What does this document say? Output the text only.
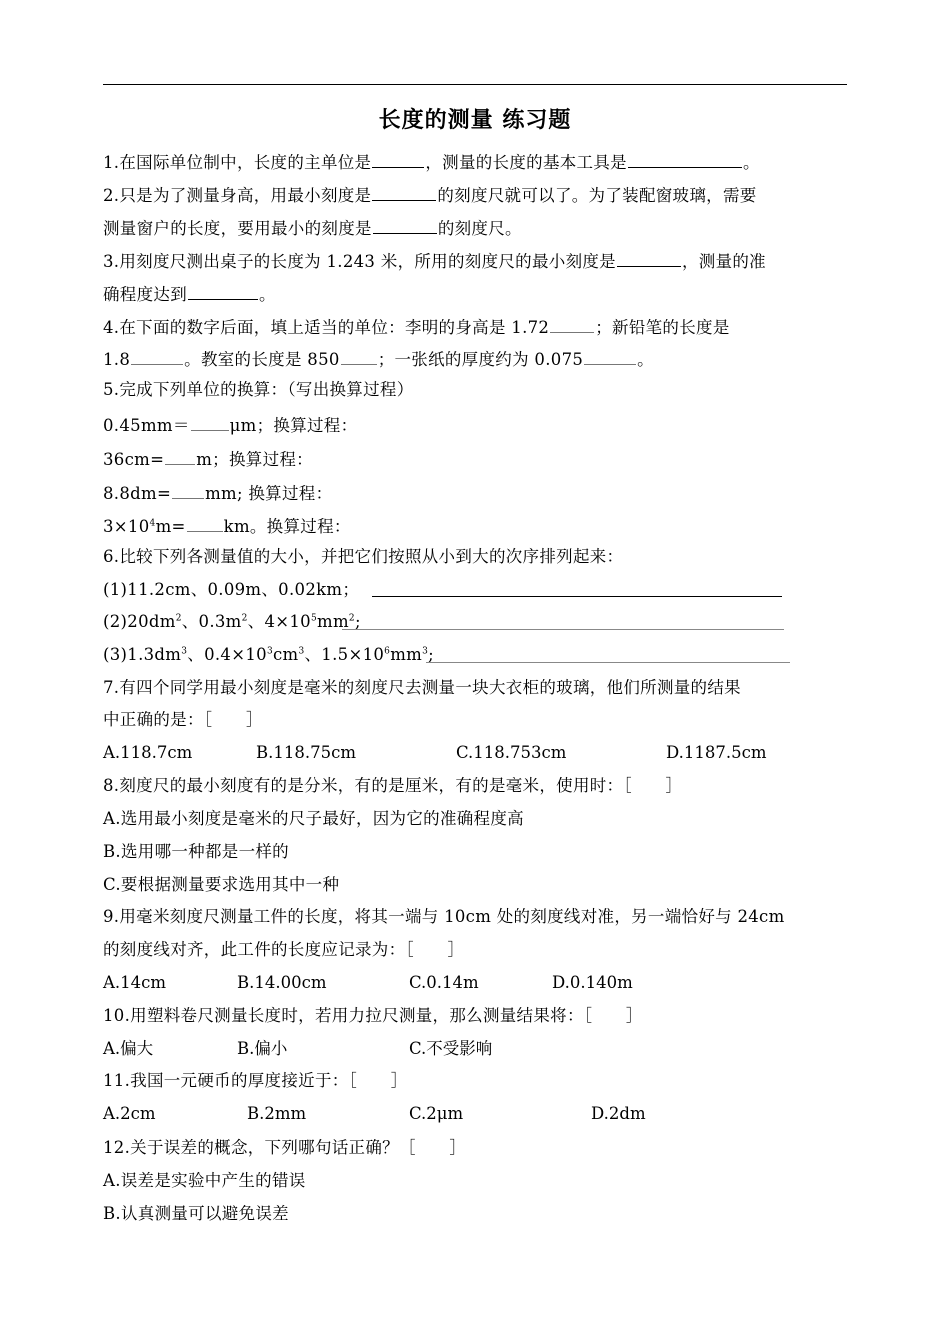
长度的测量 练习题
1.在国际单位制中，长度的主单位是	，测量的长度的基本工具是	。
2.只是为了测量身高，用最小刻度是	的刻度尺就可以了。为了装配窗玻璃，需要
测量窗户的长度，要用最小的刻度是	的刻度尺。
3.用刻度尺测出桌子的长度为 1.243 米，所用的刻度尺的最小刻度是	，测量的准
确程度达到	。
4.在下面的数字后面，填上适当的单位：李明的身高是 1.72	；新铅笔的长度是
1.8	。教室的长度是 850 ；一张纸的厚度约为 0.075	。
5.完成下列单位的换算：（写出换算过程）
0.45mm＝ μm；换算过程：
36cm= m；换算过程：
8.8dm= mm; 换算过程：
$3\times 10^4m=$ km。换算过程：
6.比较下列各测量值的大小，并把它们按照从小到大的次序排列起来：
(1)11.2cm、0.09m、0.02km；
$(2)20dm^2$、$0.3m^2$、$4\times 10^5mm^2$;
$(3)1.3dm^3$、$0.4\times 10^3cm^3$、$1.5\times 10^6mm^3$;
7.有四个同学用最小刻度是毫米的刻度尺去测量一块大衣柜的玻璃，他们所测量的结果
中正确的是：［　　］
A.118.7cm	B.118.75cm	C.118.753cm	D.1187.5cm
8.刻度尺的最小刻度有的是分米，有的是厘米，有的是毫米，使用时：［　　］
A.选用最小刻度是毫米的尺子最好，因为它的准确程度高
B.选用哪一种都是一样的
C.要根据测量要求选用其中一种
9.用毫米刻度尺测量工件的长度，将其一端与 10cm 处的刻度线对准，另一端恰好与 24cm
的刻度线对齐，此工件的长度应记录为：［　　］
A.14cm	B.14.00cm	C.0.14m	D.0.140m
10.用塑料卷尺测量长度时，若用力拉尺测量，那么测量结果将：［　　］
A.偏大	B.偏小	C.不受影响
11.我国一元硬币的厚度接近于：［　　］
A.2cm	B.2mm	C.2μm	D.2dm
12.关于误差的概念，下列哪句话正确？［　　］
A.误差是实验中产生的错误
B.认真测量可以避免误差
